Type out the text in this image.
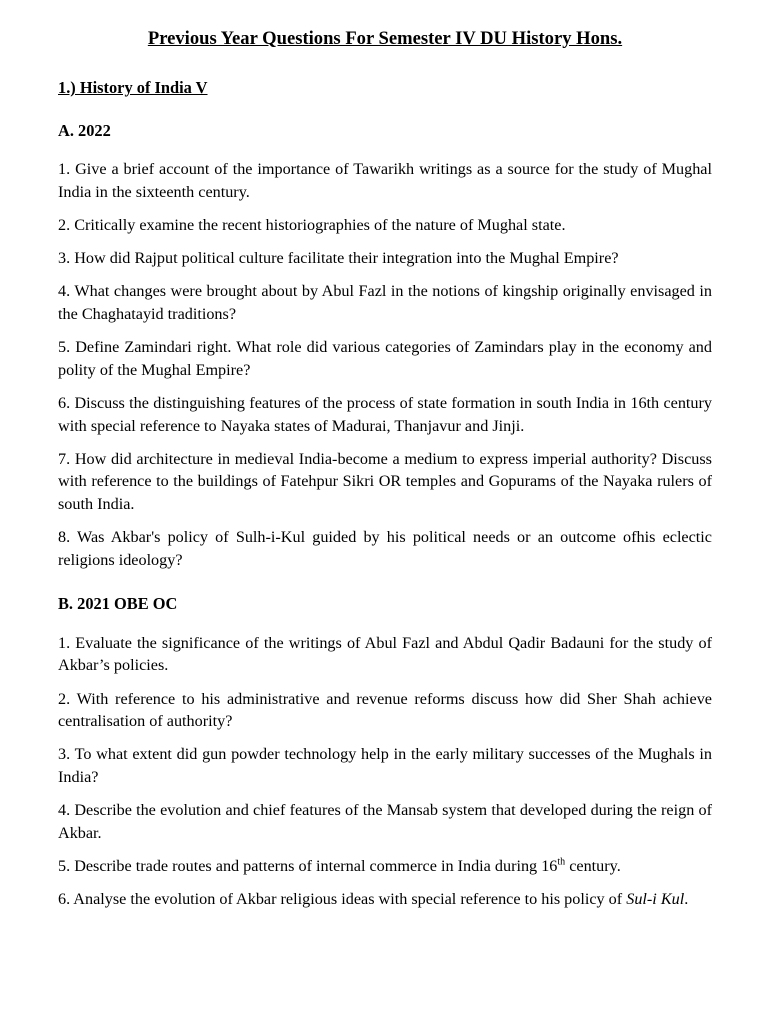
Previous Year Questions For Semester IV DU History Hons.
1.) History of India V
A. 2022
1. Give a brief account of the importance of Tawarikh writings as a source for the study of Mughal India in the sixteenth century.
2. Critically examine the recent historiographies of the nature of Mughal state.
3. How did Rajput political culture facilitate their integration into the Mughal Empire?
4. What changes were brought about by Abul Fazl in the notions of kingship originally envisaged in the Chaghatayid traditions?
5. Define Zamindari right. What role did various categories of Zamindars play in the economy and polity of the Mughal Empire?
6. Discuss the distinguishing features of the process of state formation in south India in 16th century with special reference to Nayaka states of Madurai, Thanjavur and Jinji.
7. How did architecture in medieval India-become a medium to express imperial authority? Discuss with reference to the buildings of Fatehpur Sikri OR temples and Gopurams of the Nayaka rulers of south India.
8. Was Akbar's policy of Sulh-i-Kul guided by his political needs or an outcome ofhis eclectic religions ideology?
B. 2021 OBE OC
1. Evaluate the significance of the writings of Abul Fazl and Abdul Qadir Badauni for the study of Akbar’s policies.
2. With reference to his administrative and revenue reforms discuss how did Sher Shah achieve centralisation of authority?
3. To what extent did gun powder technology help in the early military successes of the Mughals in India?
4. Describe the evolution and chief features of the Mansab system that developed during the reign of Akbar.
5. Describe trade routes and patterns of internal commerce in India during 16th century.
6. Analyse the evolution of Akbar religious ideas with special reference to his policy of Sul-i Kul.
